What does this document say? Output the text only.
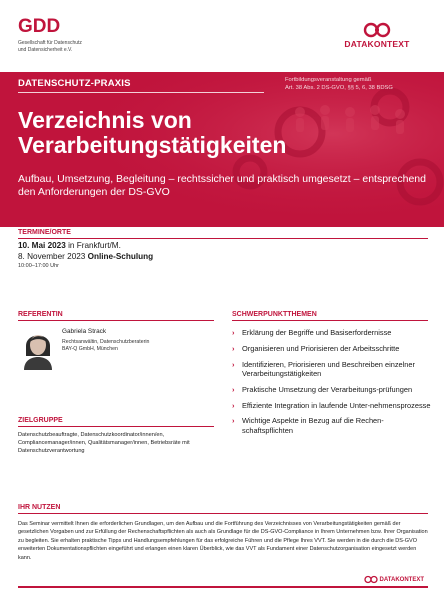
GDD
Gesellschaft für Datenschutz
und Datensicherheit e.V.
DATAKONTEXT
DATENSCHUTZ-PRAXIS	Fortbildungsveranstaltung gemäß
Art. 38 Abs. 2 DS-GVO, §§ 5, 6, 38 BDSG
Verzeichnis von Verarbeitungstätigkeiten
Aufbau, Umsetzung, Begleitung – rechtssicher und praktisch umgesetzt – entsprechend den Anforderungen der DS-GVO
TERMINE/ORTE
10. Mai 2023 in Frankfurt/M.
8. November 2023 Online-Schulung
10:00–17:00 Uhr
REFERENTIN
Gabriela Strack
Rechtsanwältin, Datenschutzberaterin
BAY-Q GmbH, München
SCHWERPUNKTTHEMEN
›	Erklärung der Begriffe und Basiserfordernisse
›	Organisieren und Priorisieren der Arbeitsschritte
›	Identifizieren, Priorisieren und Beschreiben einzelner Verarbeitungstätigkeiten
›	Praktische Umsetzung der Verarbeitungs-prüfungen
›	Effiziente Integration in laufende Unter-nehmensprozesse
›	Wichtige Aspekte in Bezug auf die Rechen-schaftspflichten
ZIELGRUPPE
Datenschutzbeauftragte, Datenschutzkoordinator/innen/en, Compliancemanager/innen, Qualitätsmanager/innen, Betriebsräte mit Datenschutzverantwortung
IHR NUTZEN
Das Seminar vermittelt Ihnen die erforderlichen Grundlagen, um den Aufbau und die Fortführung des Verzeichnisses von Verarbeitungstätigkeiten gemäß der gesetzlichen Vorgaben und zur Erfüllung der Rechenschaftspflichten als auch als Grundlage für die DS-GVO-Compliance in Ihrem Unternehmen bzw. Ihrer Organisation zu begleiten. Sie erhalten praktische Tipps und Handlungsempfehlungen für das erfolgreiche Führen und die Pflege Ihres VVT. Sie werden in die durch die DS-GVO erweiterten Dokumentationspflichten eingeführt und erlangen einen klaren Überblick, wie das VVT als Fundament einer Datenschutzorganisation eingesetzt werden kann.
DATAKONTEXT
